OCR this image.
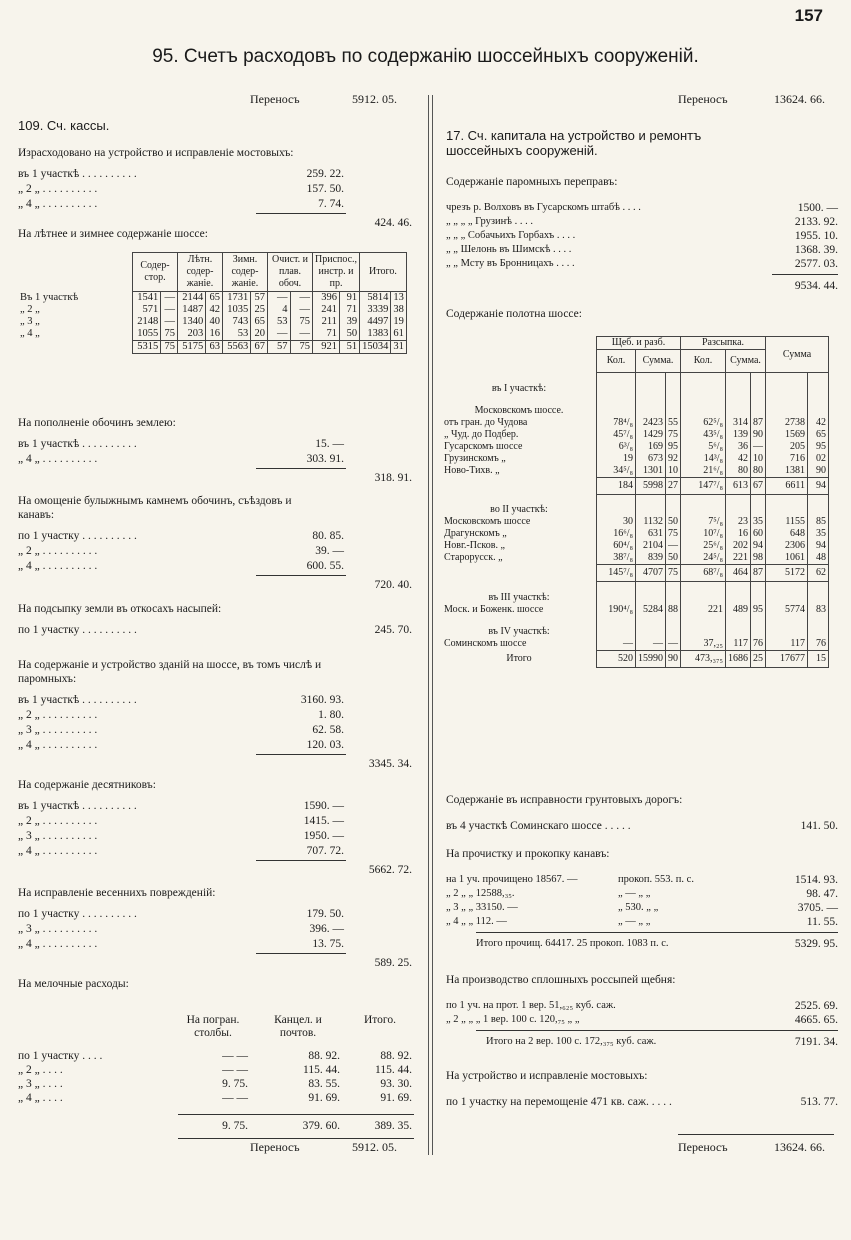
157
95. Счетъ расходовъ по содержанію шоссейныхъ сооруженій.
Переносъ	5912. 05.
109. Сч. кассы.
Израсходовано на устройство и исправленіе мостовыхъ:
въ 1 участкѣ . . . . . . . . . .	259. 22.
„ 2 „ . . . . . . . . . .	157. 50.
„ 4 „ . . . . . . . . . .	7. 74.
424. 46.
На лѣтнее и зимнее содержаніе шоссе:
	Содер-стор.		Лѣтн. содер-жаніе.		Зимн. содер-жаніе.		Очист. и плав. обоч.		Приспос., инстр. и пр.		Итого.	
Въ 1 участкѣ	1541	—	2144	65	1731	57	—	—	396	91	5814	13
„ 2 „	571	—	1487	42	1035	25	4	—	241	71	3339	38
„ 3 „	2148	—	1340	40	743	65	53	75	211	39	4497	19
„ 4 „	1055	75	203	16	53	20	—	—	71	50	1383	61
	5315	75	5175	63	5563	67	57	75	921	51	15034	31
На пополненіе обочинъ землею:
въ 1 участкѣ . . . . . . . . . .	15. —
„ 4 „ . . . . . . . . . .	303. 91.
318. 91.
На омощеніе булыжнымъ камнемъ обочинъ, съѣздовъ и канавъ:
по 1 участку . . . . . . . . . .	80. 85.
„ 2 „ . . . . . . . . . .	39. —
„ 4 „ . . . . . . . . . .	600. 55.
720. 40.
На подсыпку земли въ откосахъ насыпей:
по 1 участку . . . . . . . . . .	245. 70.
На содержаніе и устройство зданій на шоссе, въ томъ числѣ и паромныхъ:
въ 1 участкѣ . . . . . . . . . .	3160. 93.
„ 2 „ . . . . . . . . . .	1. 80.
„ 3 „ . . . . . . . . . .	62. 58.
„ 4 „ . . . . . . . . . .	120. 03.
3345. 34.
На содержаніе десятниковъ:
въ 1 участкѣ . . . . . . . . . .	1590. —
„ 2 „ . . . . . . . . . .	1415. —
„ 3 „ . . . . . . . . . .	1950. —
„ 4 „ . . . . . . . . . .	707. 72.
5662. 72.
На исправленіе весеннихъ поврежденій:
по 1 участку . . . . . . . . . .	179. 50.
„ 3 „ . . . . . . . . . .	396. —
„ 4 „ . . . . . . . . . .	13. 75.
589. 25.
На мелочные расходы:
На погран. столбы.
Канцел. и почтов.
Итого.
по 1 участку . . . .	— —	88. 92.	88. 92.
„ 2 „ . . . .	— —	115. 44.	115. 44.
„ 3 „ . . . .	9. 75.	83. 55.	93. 30.
„ 4 „ . . . .	— —	91. 69.	91. 69.
9. 75.	379. 60.	389. 35.
Переносъ	5912. 05.
Переносъ	13624. 66.
17. Сч. капитала на устройство и ремонтъ шоссейныхъ сооруженій.
Содержаніе паромныхъ переправъ:
чрезъ р. Волховъ въ Гусарскомъ штабѣ . . . .	1500. —
„ „ „ „ Грузинѣ . . . .	2133. 92.
„ „ „ Собачьихъ Горбахъ . . . .	1955. 10.
„ „ Шелонь въ Шимскѣ . . . .	1368. 39.
„ „ Мсту въ Бронницахъ . . . .	2577. 03.
9534. 44.
Содержаніе полотна шоссе:
	Щеб. и разб.			Разсыпка.			Сумма	
	Кол.	Сумма.		Кол.	Сумма.			
въ I участкѣ:								
Московскомъ шоссе.								
отъ гран. до Чудова	78⁴/₈	2423	55	62⁵/₈	314	87	2738	42
„ Чуд. до Подбер.	45⁷/₈	1429	75	43⁵/₈	139	90	1569	65
Гусарскомъ шоссе	6³/₈	169	95	5⁶/₈	36	—	205	95
Грузинскомъ „	19	673	92	14³/₈	42	10	716	02
Ново-Тихв. „	34⁵/₈	1301	10	21⁶/₈	80	80	1381	90
	184	5998	27	147⁷/₈	613	67	6611	94
во II участкѣ:								
Московскомъ шоссе	30	1132	50	7⁵/₈	23	35	1155	85
Драгунскомъ „	16⁶/₈	631	75	10⁷/₈	16	60	648	35
Новг.-Псков. „	60⁴/₈	2104	—	25⁶/₈	202	94	2306	94
Старорусск. „	38⁷/₈	839	50	24⁵/₈	221	98	1061	48
	145⁷/₈	4707	75	68⁷/₈	464	87	5172	62
въ III участкѣ:								
Моск. и Боженк. шоссе	190⁴/₈	5284	88	221	489	95	5774	83
въ IV участкѣ:								
Соминскомъ шоссе	—	—	—	37,₂₅	117	76	117	76
Итого	520	15990	90	473,₃₇₅	1686	25	17677	15
Содержаніе въ исправности грунтовыхъ дорогъ:
въ 4 участкѣ Соминскаго шоссе . . . . .	141. 50.
На прочистку и прокопку канавъ:
на 1 уч. прочищено 18567. —	прокоп. 553. п. с.	1514. 93.
„ 2 „ „ 12588,₃₅.	„ — „ „	98. 47.
„ 3 „ „ 33150. —	„ 530. „ „	3705. —
„ 4 „ „ 112. —	„ — „ „	11. 55.
Итого прочищ. 64417. 25 прокоп. 1083 п. с.	5329. 95.
На производство сплошныхъ россыпей щебня:
по 1 уч. на прот. 1 вер. 51,₆₂₅ куб. саж.	2525. 69.
„ 2 „ „ „ 1 вер. 100 с. 120,₇₅ „ „	4665. 65.
Итого на 2 вер. 100 с. 172,₃₇₅ куб. саж.	7191. 34.
На устройство и исправленіе мостовыхъ:
по 1 участку на перемощеніе 471 кв. саж. . . . .	513. 77.
Переносъ	13624. 66.
